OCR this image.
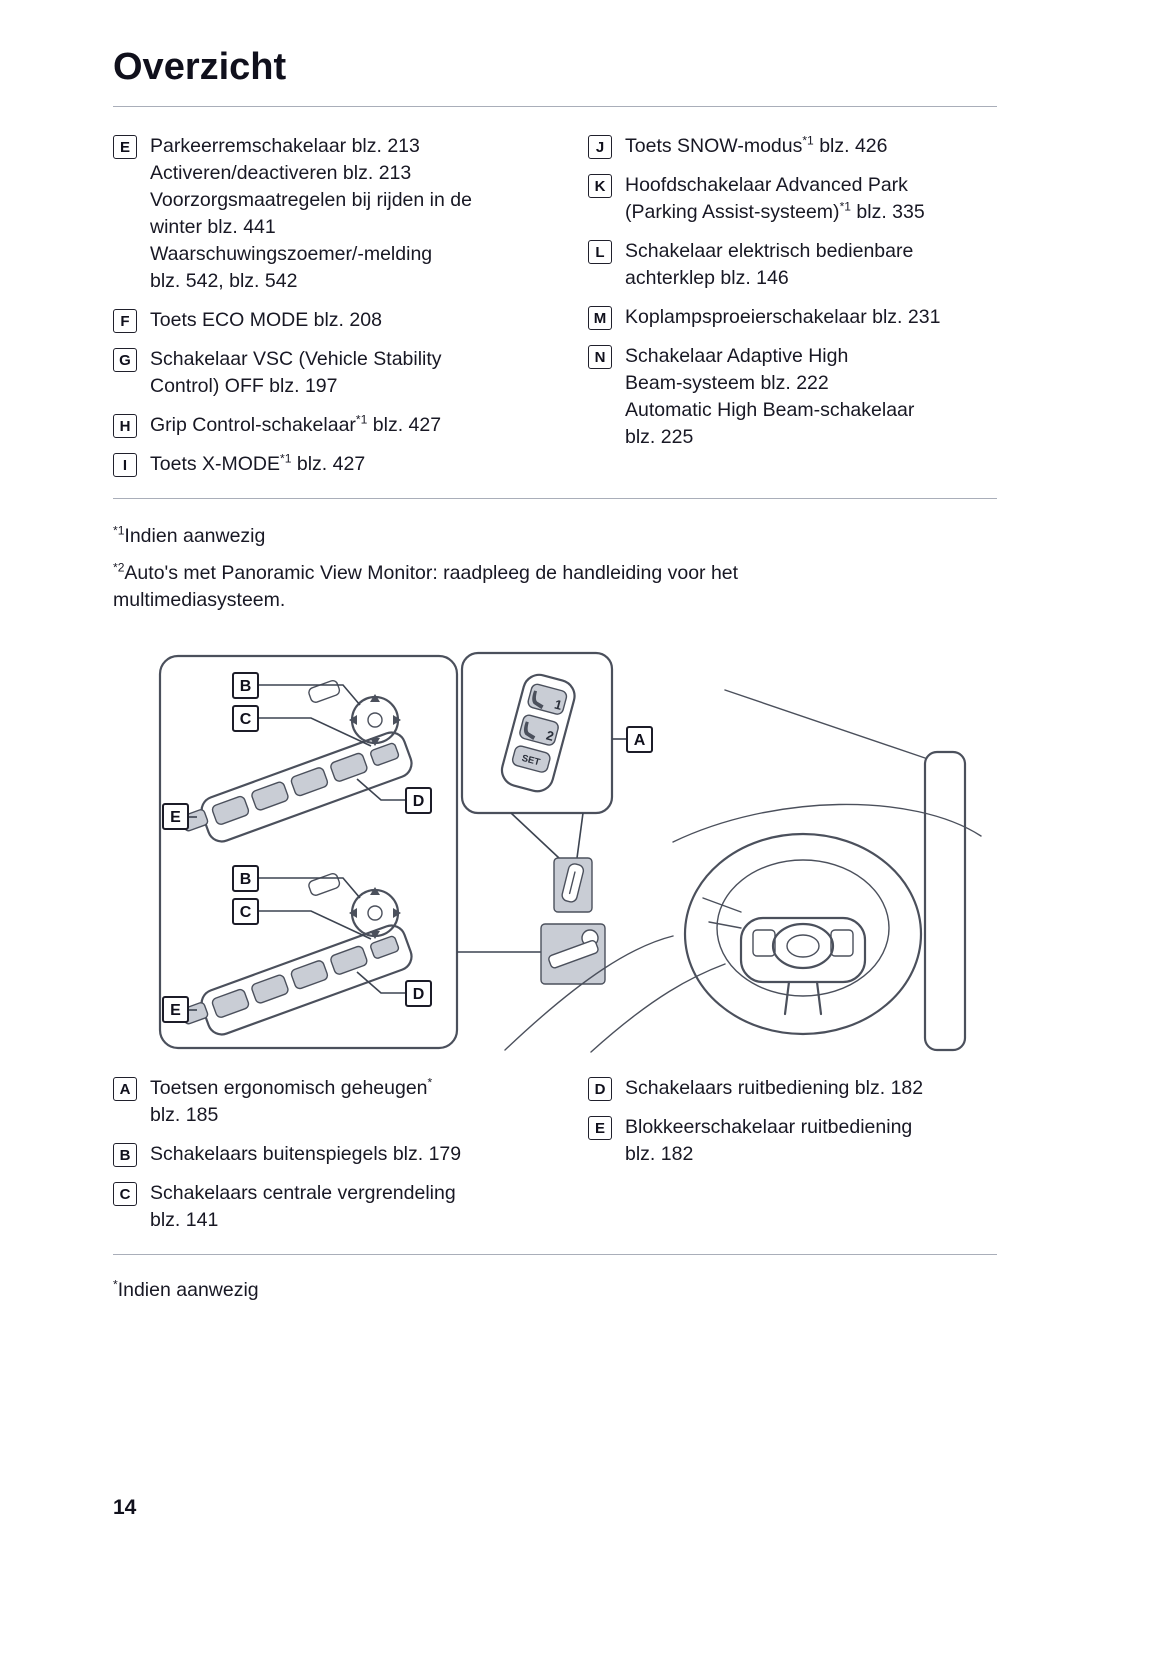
Overzicht
E	Parkeerremschakelaar blz. 213
Activeren/deactiveren blz. 213
Voorzorgsmaatregelen bij rijden in de
winter blz. 441
Waarschuwingszoemer/-melding
blz. 542, blz. 542
F	Toets ECO MODE blz. 208
G Schakelaar VSC (Vehicle Stability
Control) OFF blz. 197
H	Grip Control-schakelaar$^{*1}$ blz. 427
I	Toets X-MODE$^{*1}$ blz. 427
J	Toets SNOW-modus$^{*1}$ blz. 426
K	Hoofdschakelaar Advanced Park
(Parking Assist-systeem)$^{*1}$ blz. 335
L	Schakelaar elektrisch bedienbare
achterklep blz. 146
M Koplampsproeierschakelaar blz. 231
N	Schakelaar Adaptive High
Beam-systeem blz. 222
Automatic High Beam-schakelaar
blz. 225

$^{*1}$Indien aanwezig

$^{*2}$Auto's met Panoramic View Monitor: raadpleeg de handleiding voor het
multimediasysteem.

B
C
D
E
B
C
D
E
1
2
SET
A
A	Toetsen ergonomisch geheugen*
blz. 185
B	Schakelaars buitenspiegels blz. 179
C	Schakelaars centrale vergrendeling
blz. 141
D	Schakelaars ruitbediening blz. 182
E	Blokkeerschakelaar ruitbediening
blz. 182

*Indien aanwezig

14
